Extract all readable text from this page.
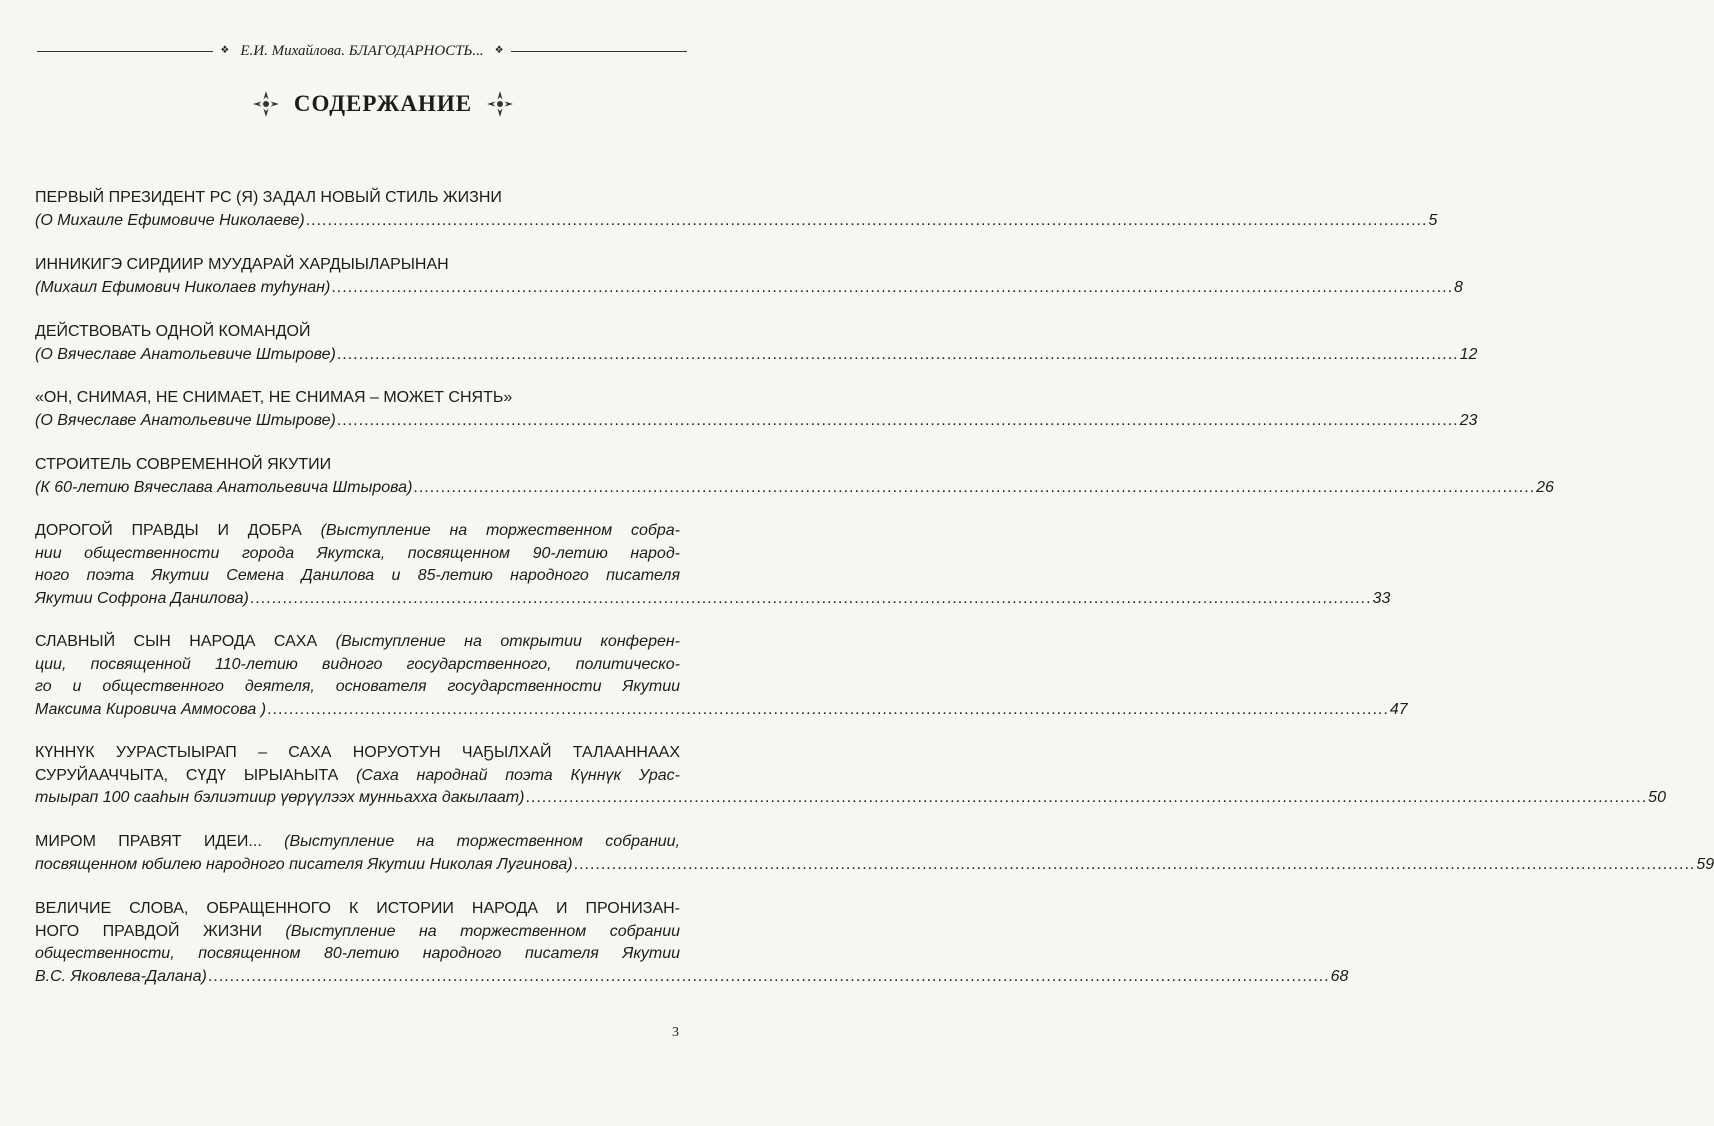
❖ Е.И. Михайлова. БЛАГОДАРНОСТЬ... ❖
СОДЕРЖАНИЕ
ПЕРВЫЙ ПРЕЗИДЕНТ РС (Я) ЗАДАЛ НОВЫЙ СТИЛЬ ЖИЗНИ
(О Михаиле Ефимовиче Николаеве) .............................................................................................................................................................................................................. 5
ИННИКИГЭ СИРДИИР МУУДАРАЙ ХАРДЫЫЛАРЫНАН
(Михаил Ефимович Николаев туһунан) .............................................................................................................................................................................................................. 8
ДЕЙСТВОВАТЬ ОДНОЙ КОМАНДОЙ
(О Вячеславе Анатольевиче Штырове) .............................................................................................................................................................................................................. 12
«ОН, СНИМАЯ, НЕ СНИМАЕТ, НЕ СНИМАЯ – МОЖЕТ СНЯТЬ»
(О Вячеславе Анатольевиче Штырове) .............................................................................................................................................................................................................. 23
СТРОИТЕЛЬ СОВРЕМЕННОЙ ЯКУТИИ
(К 60-летию Вячеслава Анатольевича Штырова) .............................................................................................................................................................................................................. 26
ДОРОГОЙ ПРАВДЫ И ДОБРА (Выступление на торжественном собра-
нии общественности города Якутска, посвященном 90-летию народ-
ного поэта Якутии Семена Данилова и 85-летию народного писателя
Якутии Софрона Данилова) .............................................................................................................................................................................................................. 33
СЛАВНЫЙ СЫН НАРОДА САХА (Выступление на открытии конферен-
ции, посвященной 110-летию видного государственного, политическо-
го и общественного деятеля, основателя государственности Якутии
Максима Кировича Аммосова ) .............................................................................................................................................................................................................. 47
КҮННҮК УУРАСТЫЫРАП – САХА НОРУОТУН ЧАҔЫЛХАЙ ТАЛААННААХ
СУРУЙААЧЧЫТА, СҮДҮ ЫРЫАҺЫТА (Саха народнай поэта Күннүк Урас-
тыырап 100 сааһын бэлиэтиир үөрүүлээх мунньахха дакылаат) .............................................................................................................................................................................................................. 50
МИРОМ ПРАВЯТ ИДЕИ... (Выступление на торжественном собрании,
посвященном юбилею народного писателя Якутии Николая Лугинова) .............................................................................................................................................................................................................. 59
ВЕЛИЧИЕ СЛОВА, ОБРАЩЕННОГО К ИСТОРИИ НАРОДА И ПРОНИЗАН-
НОГО ПРАВДОЙ ЖИЗНИ (Выступление на торжественном собрании
общественности, посвященном 80-летию народного писателя Якутии
В.С. Яковлева-Далана) .............................................................................................................................................................................................................. 68
3
